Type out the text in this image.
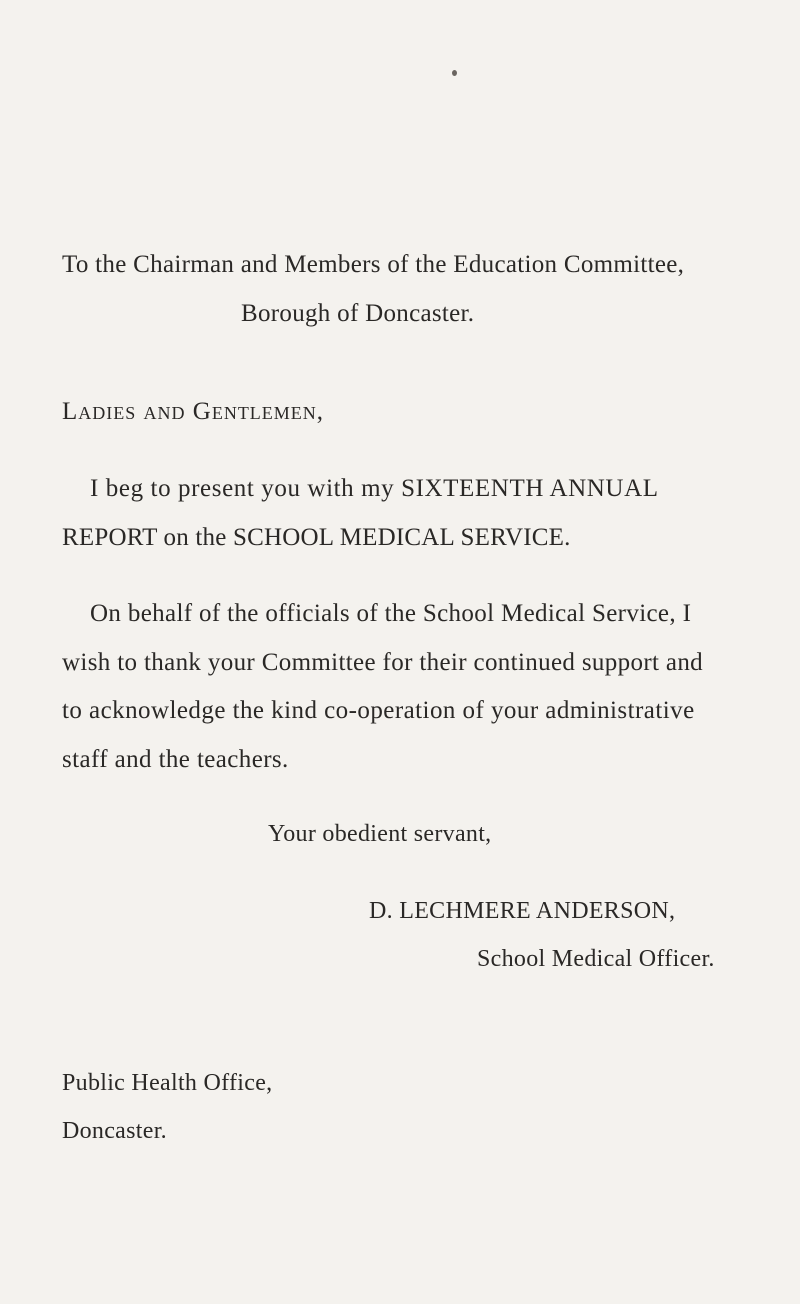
To the Chairman and Members of the Education Committee,
Borough of Doncaster.
Ladies and Gentlemen,
I beg to present you with my SIXTEENTH ANNUAL
REPORT on the SCHOOL MEDICAL SERVICE.
On behalf of the officials of the School Medical Service, I
wish to thank your Committee for their continued support and
to acknowledge the kind co-operation of your administrative
staff and the teachers.
Your obedient servant,
D. LECHMERE ANDERSON,
School Medical Officer.
Public Health Office,
Doncaster.
